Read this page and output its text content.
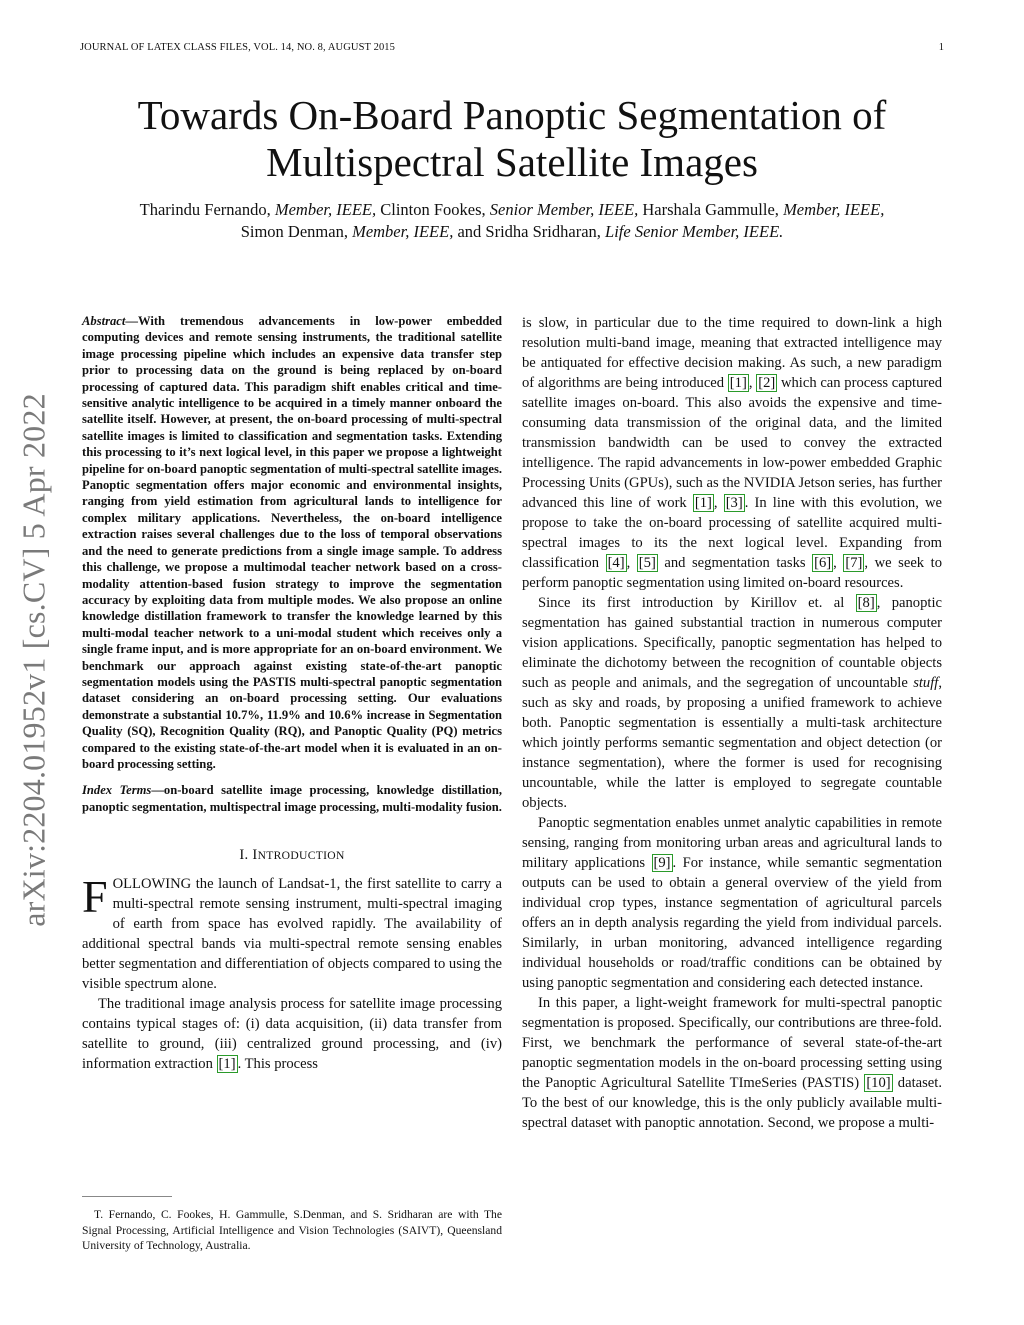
JOURNAL OF LATEX CLASS FILES, VOL. 14, NO. 8, AUGUST 2015	1
arXiv:2204.01952v1 [cs.CV] 5 Apr 2022
Towards On-Board Panoptic Segmentation of
Multispectral Satellite Images
Tharindu Fernando, Member, IEEE, Clinton Fookes, Senior Member, IEEE, Harshala Gammulle, Member, IEEE,
Simon Denman, Member, IEEE, and Sridha Sridharan, Life Senior Member, IEEE.
Abstract—With tremendous advancements in low-power embedded computing devices and remote sensing instruments, the traditional satellite image processing pipeline which includes an expensive data transfer step prior to processing data on the ground is being replaced by on-board processing of captured data. This paradigm shift enables critical and time-sensitive analytic intelligence to be acquired in a timely manner onboard the satellite itself. However, at present, the on-board processing of multi-spectral satellite images is limited to classification and segmentation tasks. Extending this processing to it’s next logical level, in this paper we propose a lightweight pipeline for on-board panoptic segmentation of multi-spectral satellite images. Panoptic segmentation offers major economic and environmental insights, ranging from yield estimation from agricultural lands to intelligence for complex military applications. Nevertheless, the on-board intelligence extraction raises several challenges due to the loss of temporal observations and the need to generate predictions from a single image sample. To address this challenge, we propose a multimodal teacher network based on a cross-modality attention-based fusion strategy to improve the segmentation accuracy by exploiting data from multiple modes. We also propose an online knowledge distillation framework to transfer the knowledge learned by this multi-modal teacher network to a uni-modal student which receives only a single frame input, and is more appropriate for an on-board environment. We benchmark our approach against existing state-of-the-art panoptic segmentation models using the PASTIS multi-spectral panoptic segmentation dataset considering an on-board processing setting. Our evaluations demonstrate a substantial 10.7%, 11.9% and 10.6% increase in Segmentation Quality (SQ), Recognition Quality (RQ), and Panoptic Quality (PQ) metrics compared to the existing state-of-the-art model when it is evaluated in an on-board processing setting.
Index Terms—on-board satellite image processing, knowledge distillation, panoptic segmentation, multispectral image processing, multi-modality fusion.
I. INTRODUCTION

FOLLOWING the launch of Landsat-1, the first satellite to carry a multi-spectral remote sensing instrument, multi-spectral imaging of earth from space has evolved rapidly. The availability of additional spectral bands via multi-spectral remote sensing enables better segmentation and differentiation of objects compared to using the visible spectrum alone.

The traditional image analysis process for satellite image processing contains typical stages of: (i) data acquisition, (ii) data transfer from satellite to ground, (iii) centralized ground processing, and (iv) information extraction [1] . This process

T. Fernando, C. Fookes, H. Gammulle, S.Denman, and S. Sridharan are with The Signal Processing, Artificial Intelligence and Vision Technologies (SAIVT), Queensland University of Technology, Australia.

is slow, in particular due to the time required to down-link a high resolution multi-band image, meaning that extracted intelligence may be antiquated for effective decision making. As such, a new paradigm of algorithms are being introduced [1] , [2] which can process captured satellite images on-board. This also avoids the expensive and time-consuming data transmission of the original data, and the limited transmission bandwidth can be used to convey the extracted intelligence. The rapid advancements in low-power embedded Graphic Processing Units (GPUs), such as the NVIDIA Jetson series, has further advanced this line of work [1] , [3] . In line with this evolution, we propose to take the on-board processing of satellite acquired multi-spectral images to its the next logical level. Expanding from classification [4] , [5] and segmentation tasks [6] , [7] , we seek to perform panoptic segmentation using limited on-board resources.

Since its first introduction by Kirillov et. al [8] , panoptic segmentation has gained substantial traction in numerous computer vision applications. Specifically, panoptic segmentation has helped to eliminate the dichotomy between the recognition of countable objects such as people and animals, and the segregation of uncountable stuff, such as sky and roads, by proposing a unified framework to achieve both. Panoptic segmentation is essentially a multi-task architecture which jointly performs semantic segmentation and object detection (or instance segmentation), where the former is used for recognising uncountable, while the latter is employed to segregate countable objects.

Panoptic segmentation enables unmet analytic capabilities in remote sensing, ranging from monitoring urban areas and agricultural lands to military applications [9] . For instance, while semantic segmentation outputs can be used to obtain a general overview of the yield from individual crop types, instance segmentation of agricultural parcels offers an in depth analysis regarding the yield from individual parcels. Similarly, in urban monitoring, advanced intelligence regarding individual households or road/traffic conditions can be obtained by using panoptic segmentation and considering each detected instance.

In this paper, a light-weight framework for multi-spectral panoptic segmentation is proposed. Specifically, our contributions are three-fold. First, we benchmark the performance of several state-of-the-art panoptic segmentation models in the on-board processing setting using the Panoptic Agricultural Satellite TImeSeries (PASTIS) [10] dataset. To the best of our knowledge, this is the only publicly available multi-spectral dataset with panoptic annotation. Second, we propose a multi-
